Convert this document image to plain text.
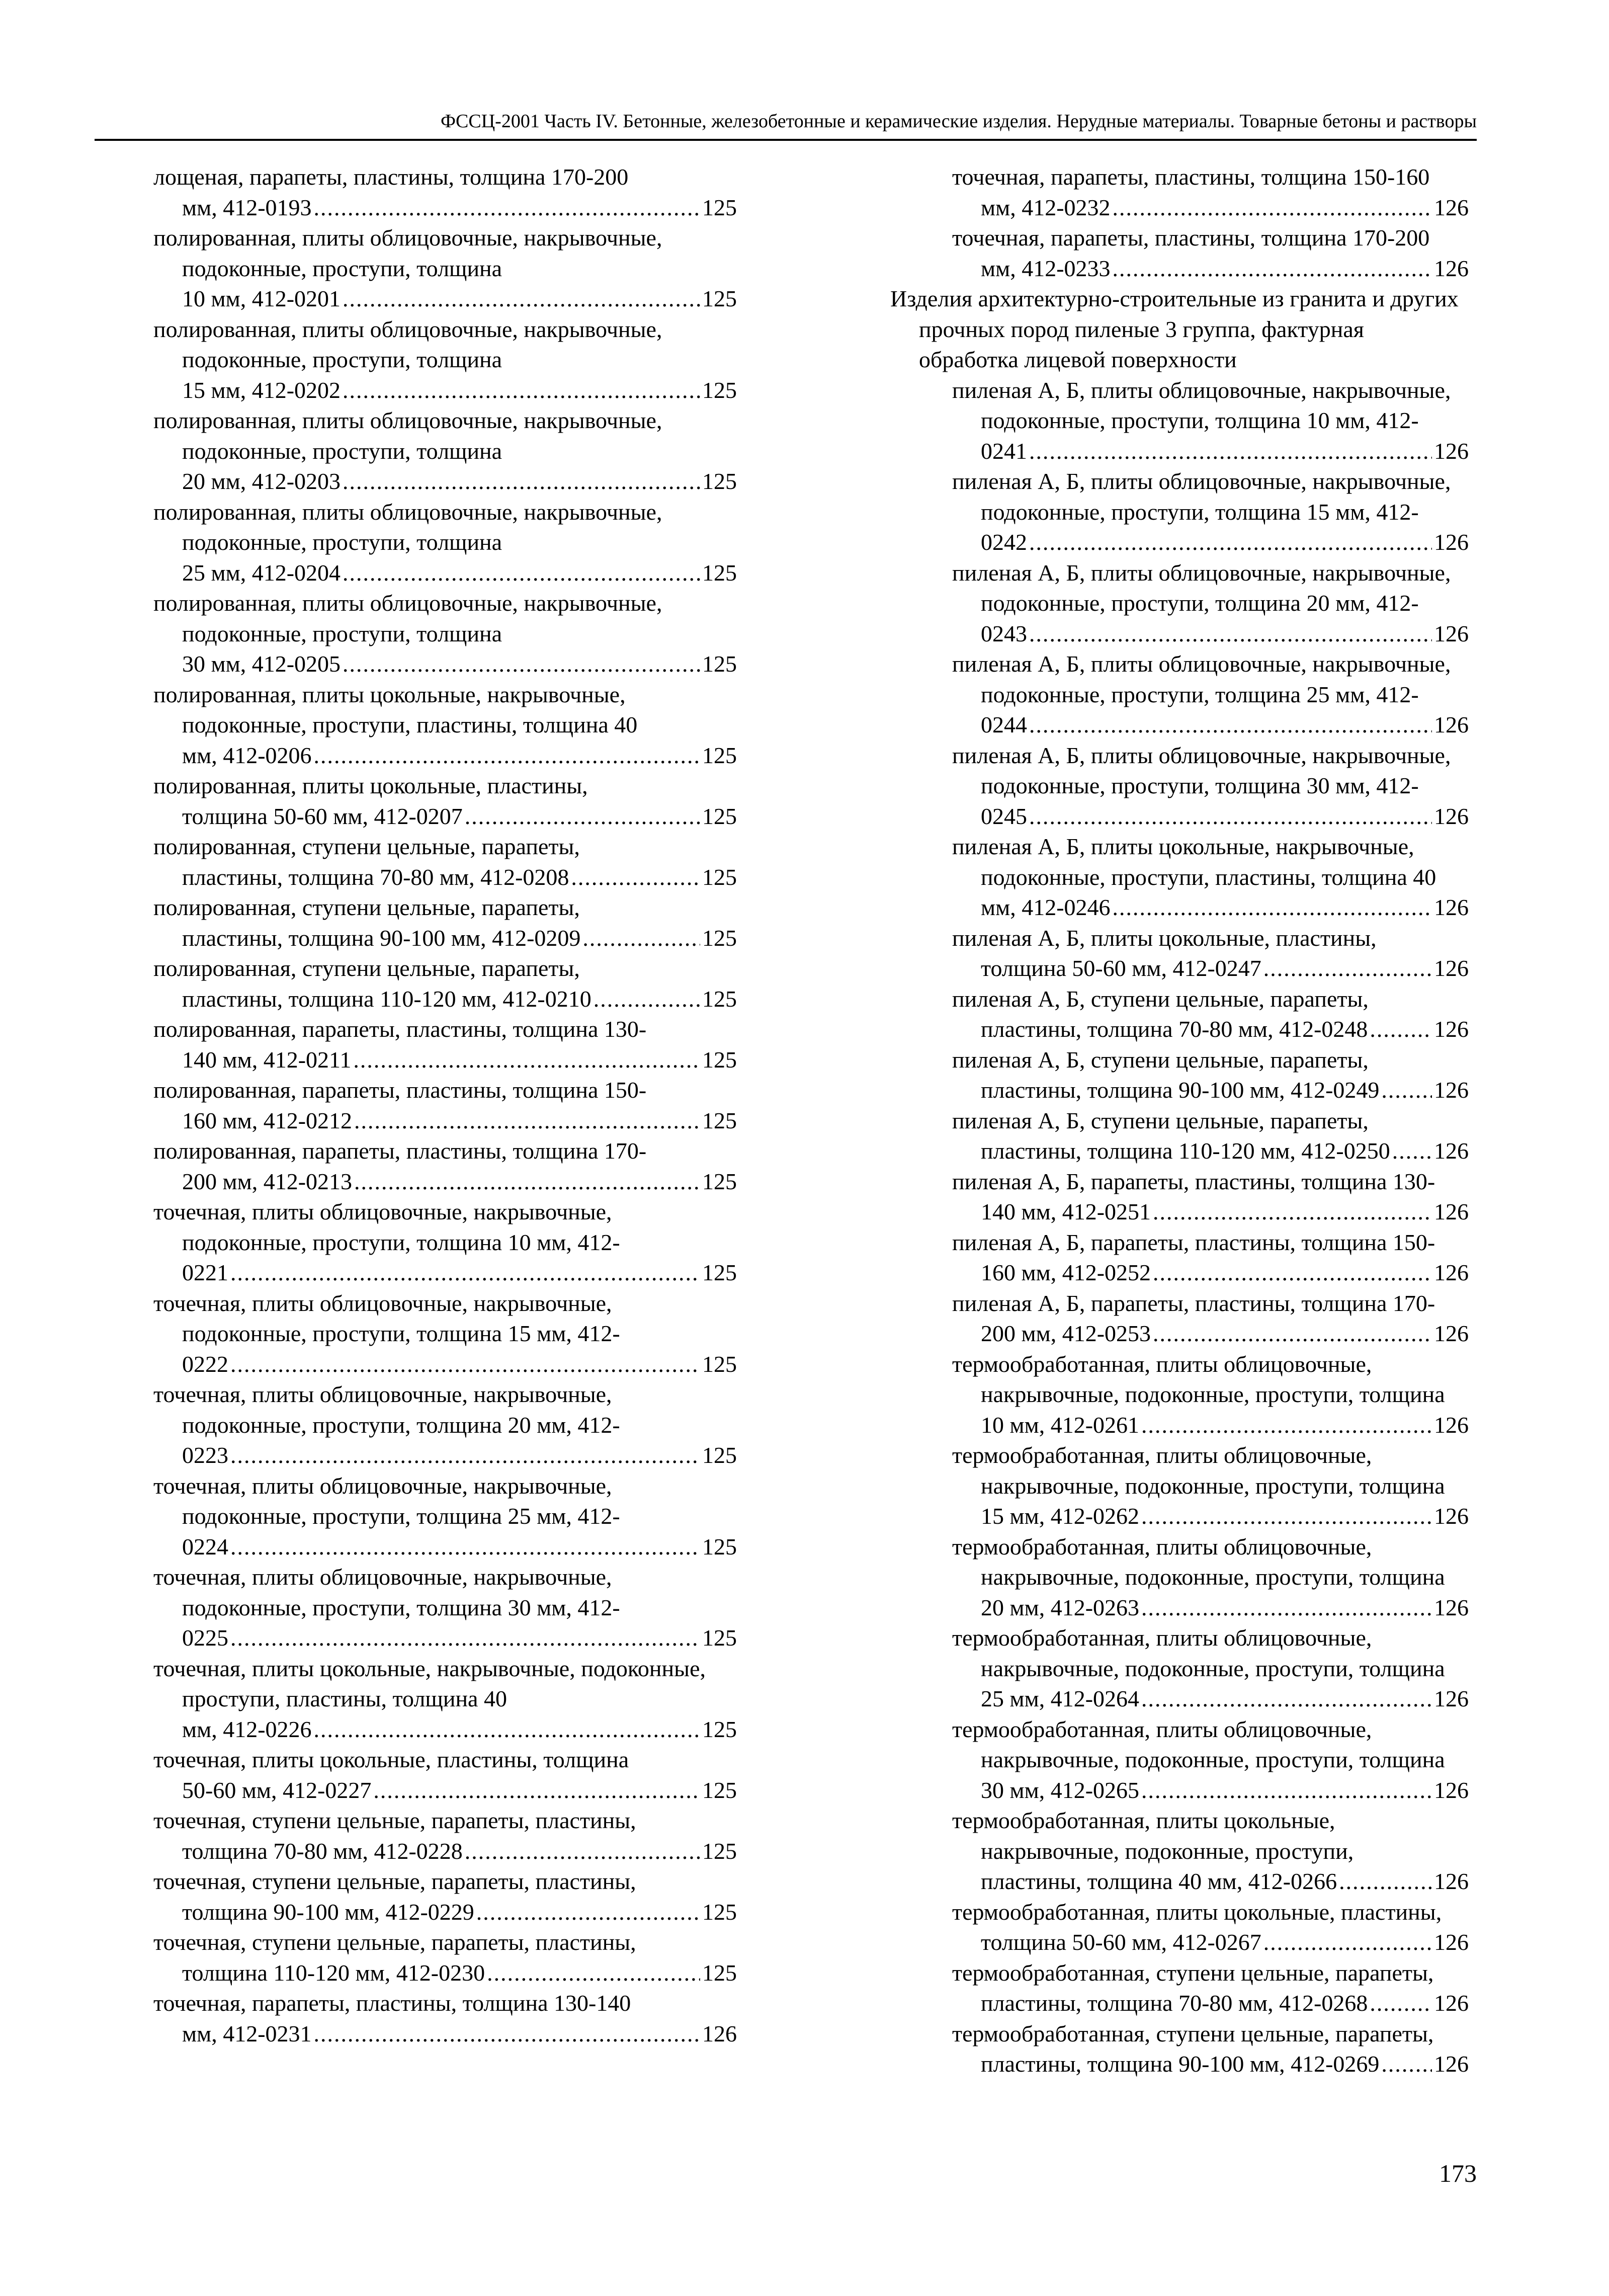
ФССЦ-2001 Часть IV. Бетонные, железобетонные и керамические изделия. Нерудные материалы. Товарные бетоны и растворы
лощеная, парапеты, пластины, толщина 170-200
мм, 412-0193 .....	125
полированная, плиты облицовочные, накрывочные, подоконные, проступи, толщина
10 мм, 412-0201 .....	125
полированная, плиты облицовочные, накрывочные, подоконные, проступи, толщина
15 мм, 412-0202 .....	125
полированная, плиты облицовочные, накрывочные, подоконные, проступи, толщина
20 мм, 412-0203 .....	125
полированная, плиты облицовочные, накрывочные, подоконные, проступи, толщина
25 мм, 412-0204 .....	125
полированная, плиты облицовочные, накрывочные, подоконные, проступи, толщина
30 мм, 412-0205 .....	125
полированная, плиты цокольные, накрывочные, подоконные, проступи, пластины, толщина 40
мм, 412-0206 .....	125
полированная, плиты цокольные, пластины,
толщина 50-60 мм, 412-0207 .....	125
полированная, ступени цельные, парапеты,
пластины, толщина 70-80 мм, 412-0208 .....	125
полированная, ступени цельные, парапеты,
пластины, толщина 90-100 мм, 412-0209 .....	125
полированная, ступени цельные, парапеты,
пластины, толщина 110-120 мм, 412-0210 .....	125
полированная, парапеты, пластины, толщина 130-
140 мм, 412-0211 .....	125
полированная, парапеты, пластины, толщина 150-
160 мм, 412-0212 .....	125
полированная, парапеты, пластины, толщина 170-
200 мм, 412-0213 .....	125
точечная, плиты облицовочные, накрывочные, подоконные, проступи, толщина 10 мм, 412-
0221 .....	125
точечная, плиты облицовочные, накрывочные, подоконные, проступи, толщина 15 мм, 412-
0222 .....	125
точечная, плиты облицовочные, накрывочные, подоконные, проступи, толщина 20 мм, 412-
0223 .....	125
точечная, плиты облицовочные, накрывочные, подоконные, проступи, толщина 25 мм, 412-
0224 .....	125
точечная, плиты облицовочные, накрывочные, подоконные, проступи, толщина 30 мм, 412-
0225 .....	125
точечная, плиты цокольные, накрывочные, подоконные, проступи, пластины, толщина 40
мм, 412-0226 .....	125
точечная, плиты цокольные, пластины, толщина
50-60 мм, 412-0227 .....	125
точечная, ступени цельные, парапеты, пластины,
толщина 70-80 мм, 412-0228 .....	125
точечная, ступени цельные, парапеты, пластины,
толщина 90-100 мм, 412-0229 .....	125
точечная, ступени цельные, парапеты, пластины,
толщина 110-120 мм, 412-0230 .....	125
точечная, парапеты, пластины, толщина 130-140
мм, 412-0231 .....	126
точечная, парапеты, пластины, толщина 150-160
мм, 412-0232 .....	126
точечная, парапеты, пластины, толщина 170-200
мм, 412-0233 .....	126
Изделия архитектурно-строительные из гранита и других прочных пород пиленые 3 группа, фактурная обработка лицевой поверхности
пиленая А, Б, плиты облицовочные, накрывочные, подоконные, проступи, толщина 10 мм, 412-
0241 .....	126
пиленая А, Б, плиты облицовочные, накрывочные, подоконные, проступи, толщина 15 мм, 412-
0242 .....	126
пиленая А, Б, плиты облицовочные, накрывочные, подоконные, проступи, толщина 20 мм, 412-
0243 .....	126
пиленая А, Б, плиты облицовочные, накрывочные, подоконные, проступи, толщина 25 мм, 412-
0244 .....	126
пиленая А, Б, плиты облицовочные, накрывочные, подоконные, проступи, толщина 30 мм, 412-
0245 .....	126
пиленая А, Б, плиты цокольные, накрывочные, подоконные, проступи, пластины, толщина 40
мм, 412-0246 .....	126
пиленая А, Б, плиты цокольные, пластины,
толщина 50-60 мм, 412-0247 .....	126
пиленая А, Б, ступени цельные, парапеты,
пластины, толщина 70-80 мм, 412-0248 .....	126
пиленая А, Б, ступени цельные, парапеты,
пластины, толщина 90-100 мм, 412-0249 ..... 126
пиленая А, Б, ступени цельные, парапеты,
пластины, толщина 110-120 мм, 412-0250 ..... 126
пиленая А, Б, парапеты, пластины, толщина 130-
140 мм, 412-0251 .....	126
пиленая А, Б, парапеты, пластины, толщина 150-
160 мм, 412-0252 .....	126
пиленая А, Б, парапеты, пластины, толщина 170-
200 мм, 412-0253 .....	126
термообработанная, плиты облицовочные, накрывочные, подоконные, проступи, толщина
10 мм, 412-0261 .....	126
термообработанная, плиты облицовочные, накрывочные, подоконные, проступи, толщина
15 мм, 412-0262 .....	126
термообработанная, плиты облицовочные, накрывочные, подоконные, проступи, толщина
20 мм, 412-0263 .....	126
термообработанная, плиты облицовочные, накрывочные, подоконные, проступи, толщина
25 мм, 412-0264 .....	126
термообработанная, плиты облицовочные, накрывочные, подоконные, проступи, толщина
30 мм, 412-0265 .....	126
термообработанная, плиты цокольные, накрывочные, подоконные, проступи,
пластины, толщина 40 мм, 412-0266 .....	126
термообработанная, плиты цокольные, пластины,
толщина 50-60 мм, 412-0267 .....	126
термообработанная, ступени цельные, парапеты,
пластины, толщина 70-80 мм, 412-0268 .....	126
термообработанная, ступени цельные, парапеты,
пластины, толщина 90-100 мм, 412-0269 ..... 126
173
